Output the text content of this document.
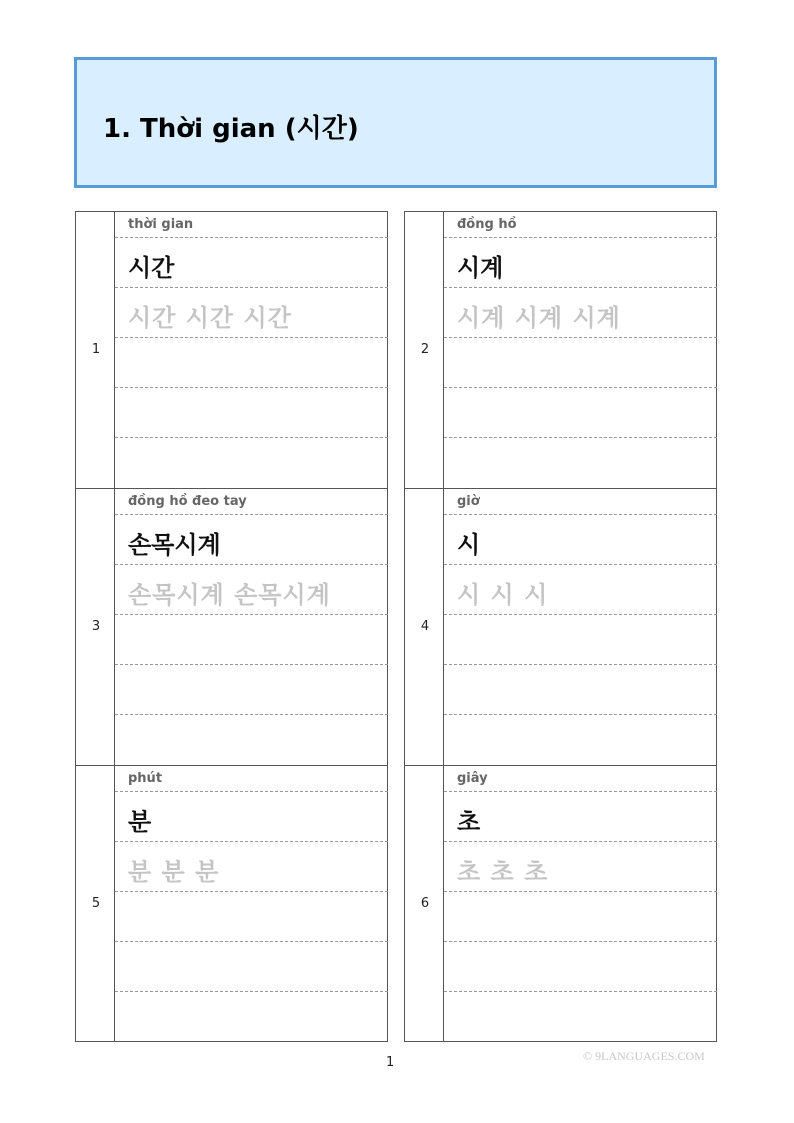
1. Thời gian (시간)
1
thời gian
시간
시간 시간 시간
2
đồng hồ
시계
시계 시계 시계
3
đồng hồ đeo tay
손목시계
손목시계 손목시계
4
giờ
시
시 시 시
5
phút
분
분 분 분
6
giây
초
초 초 초
1	© 9LANGUAGES.COM
